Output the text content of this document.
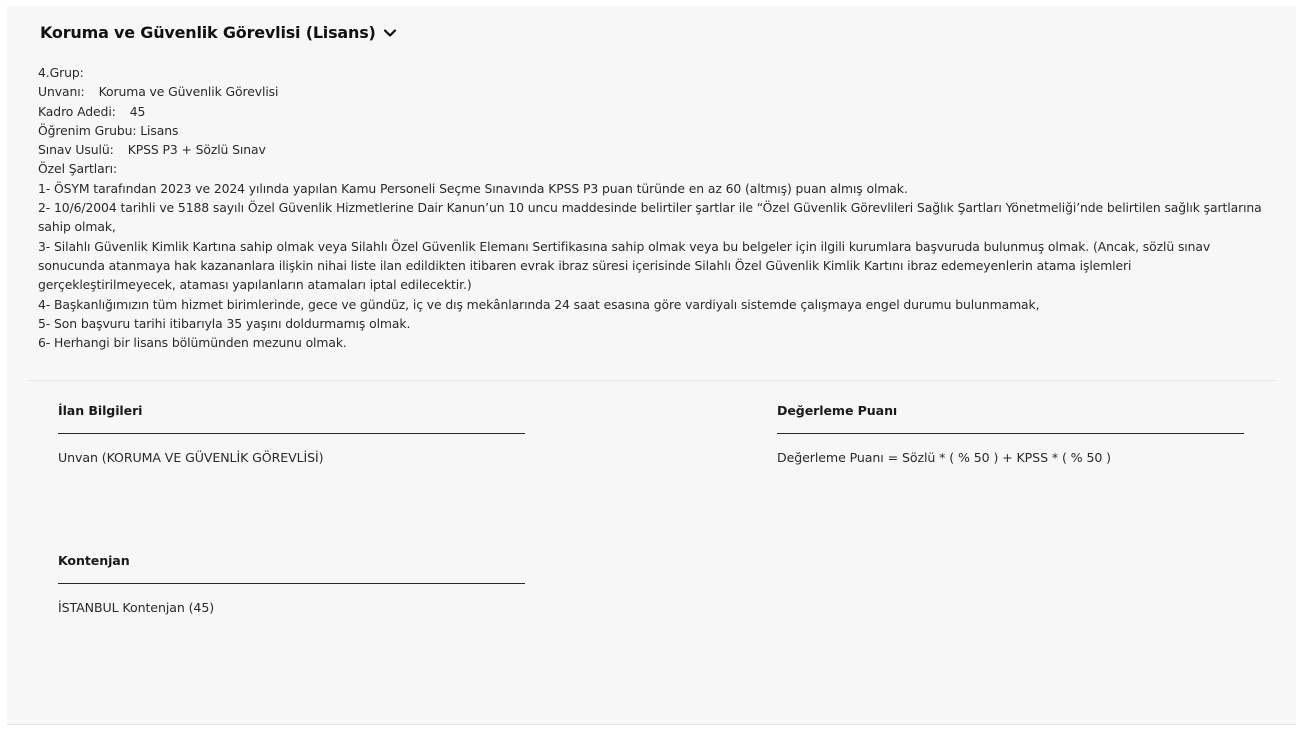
Koruma ve Güvenlik Görevlisi (Lisans)
4.Grup:
Unvanı: Koruma ve Güvenlik Görevlisi
Kadro Adedi: 45
Öğrenim Grubu: Lisans
Sınav Usulü: KPSS P3 + Sözlü Sınav
Özel Şartları:
1- ÖSYM tarafından 2023 ve 2024 yılında yapılan Kamu Personeli Seçme Sınavında KPSS P3 puan türünde en az 60 (altmış) puan almış olmak.
2- 10/6/2004 tarihli ve 5188 sayılı Özel Güvenlik Hizmetlerine Dair Kanun’un 10 uncu maddesinde belirtiler şartlar ile “Özel Güvenlik Görevlileri Sağlık Şartları Yönetmeliği’nde belirtilen sağlık şartlarına sahip olmak,
3- Silahlı Güvenlik Kimlik Kartına sahip olmak veya Silahlı Özel Güvenlik Elemanı Sertifikasına sahip olmak veya bu belgeler için ilgili kurumlara başvuruda bulunmuş olmak. (Ancak, sözlü sınav sonucunda atanmaya hak kazananlara ilişkin nihai liste ilan edildikten itibaren evrak ibraz süresi içerisinde Silahlı Özel Güvenlik Kimlik Kartını ibraz edemeyenlerin atama işlemleri gerçekleştirilmeyecek, ataması yapılanların atamaları iptal edilecektir.)
4- Başkanlığımızın tüm hizmet birimlerinde, gece ve gündüz, iç ve dış mekânlarında 24 saat esasına göre vardiyalı sistemde çalışmaya engel durumu bulunmamak,
5- Son başvuru tarihi itibarıyla 35 yaşını doldurmamış olmak.
6- Herhangi bir lisans bölümünden mezunu olmak.
İlan Bilgileri
Unvan (KORUMA VE GÜVENLİK GÖREVLİSİ)
Değerleme Puanı
Değerleme Puanı = Sözlü * ( % 50 ) + KPSS * ( % 50 )
Kontenjan
İSTANBUL Kontenjan (45)
